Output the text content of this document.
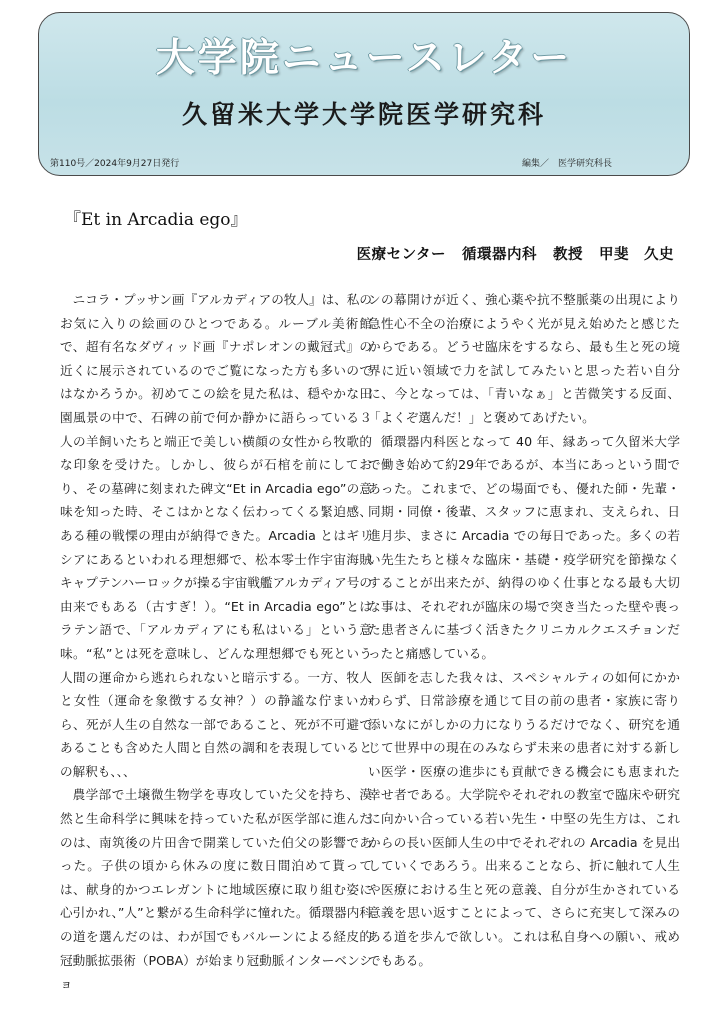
大学院ニュースレター
久留米大学大学院医学研究科
第110号／2024年9月27日発行	編集／　医学研究科長
『Et in Arcadia ego』
医療センター 循環器内科 教授 甲斐　久史

ニコラ・プッサン画『アルカディアの牧人』は、私のお気に入りの絵画のひとつである。ルーブル美術館で、超有名なダヴィッド画『ナポレオンの戴冠式』の近くに展示されているのでご覧になった方も多いのではなかろうか。初めてこの絵を見た私は、穏やかな田園風景の中で、石碑の前で何か静かに語らっている３人の羊飼いたちと端正で美しい横顔の女性から牧歌的な印象を受けた。しかし、彼らが石棺を前にしており、その墓碑に刻まれた碑文“Et in Arcadia ego”の意味を知った時、そこはかとなく伝わってくる緊迫感、ある種の戦慄の理由が納得できた。Arcadia とはギリシアにあるといわれる理想郷で、松本零士作宇宙海賊キャプテンハーロックが操る宇宙戦艦アルカディア号の由来でもある（古すぎ！）。“Et in Arcadia ego”とはラテン語で、「アルカディアにも私はいる」という意味。“私”とは死を意味し、どんな理想郷でも死という人間の運命から逃れられないと暗示する。一方、牧人と女性（運命を象徴する女神？）の静謐な佇まいから、死が人生の自然な一部であること、死が不可避であることも含めた人間と自然の調和を表現しているとの解釈も、、、

農学部で土壌微生物学を専攻していた父を持ち、漠然と生命科学に興味を持っていた私が医学部に進んだのは、南筑後の片田舎で開業していた伯父の影響であった。子供の頃から休みの度に数日間泊めて貰っては、献身的かつエレガントに地域医療に取り組む姿に心引かれ、”人”と繋がる生命科学に憧れた。循環器内科の道を選んだのは、わが国でもバルーンによる経皮的冠動脈拡張術（POBA）が始まり冠動脈インターベンショ

ンの幕開けが近く、強心薬や抗不整脈薬の出現により急性心不全の治療にようやく光が見え始めたと感じたからである。どうせ臨床をするなら、最も生と死の境界に近い領域で力を試してみたいと思った若い自分に、今となっては、「青いなぁ」と苦微笑する反面、「よくぞ選んだ！」と褒めてあげたい。

循環器内科医となって 40 年、縁あって久留米大学で働き始めて約29年であるが、本当にあっという間であった。これまで、どの場面でも、優れた師・先輩・同期・同僚・後輩、スタッフに恵まれ、支えられ、日進月歩、まさに Arcadia での毎日であった。多くの若い先生たちと様々な臨床・基礎・疫学研究を節操なくすることが出来たが、納得のゆく仕事となる最も大切な事は、それぞれが臨床の場で突き当たった壁や喪った患者さんに基づく活きたクリニカルクエスチョンだったと痛感している。

医師を志した我々は、スペシャルティの如何にかかわらず、日常診療を通じて目の前の患者・家族に寄り添いなにがしかの力になりうるだけでなく、研究を通じて世界中の現在のみならず未来の患者に対する新しい医学・医療の進歩にも貢献できる機会にも恵まれた幸せ者である。大学院やそれぞれの教室で臨床や研究に向かい合っている若い先生・中堅の先生方は、これからの長い医師人生の中でそれぞれの Arcadia を見出していくであろう。出来ることなら、折に触れて人生や医療における生と死の意義、自分が生かされている意義を思い返すことによって、さらに充実して深みのある道を歩んで欲しい。これは私自身への願い、戒めでもある。
